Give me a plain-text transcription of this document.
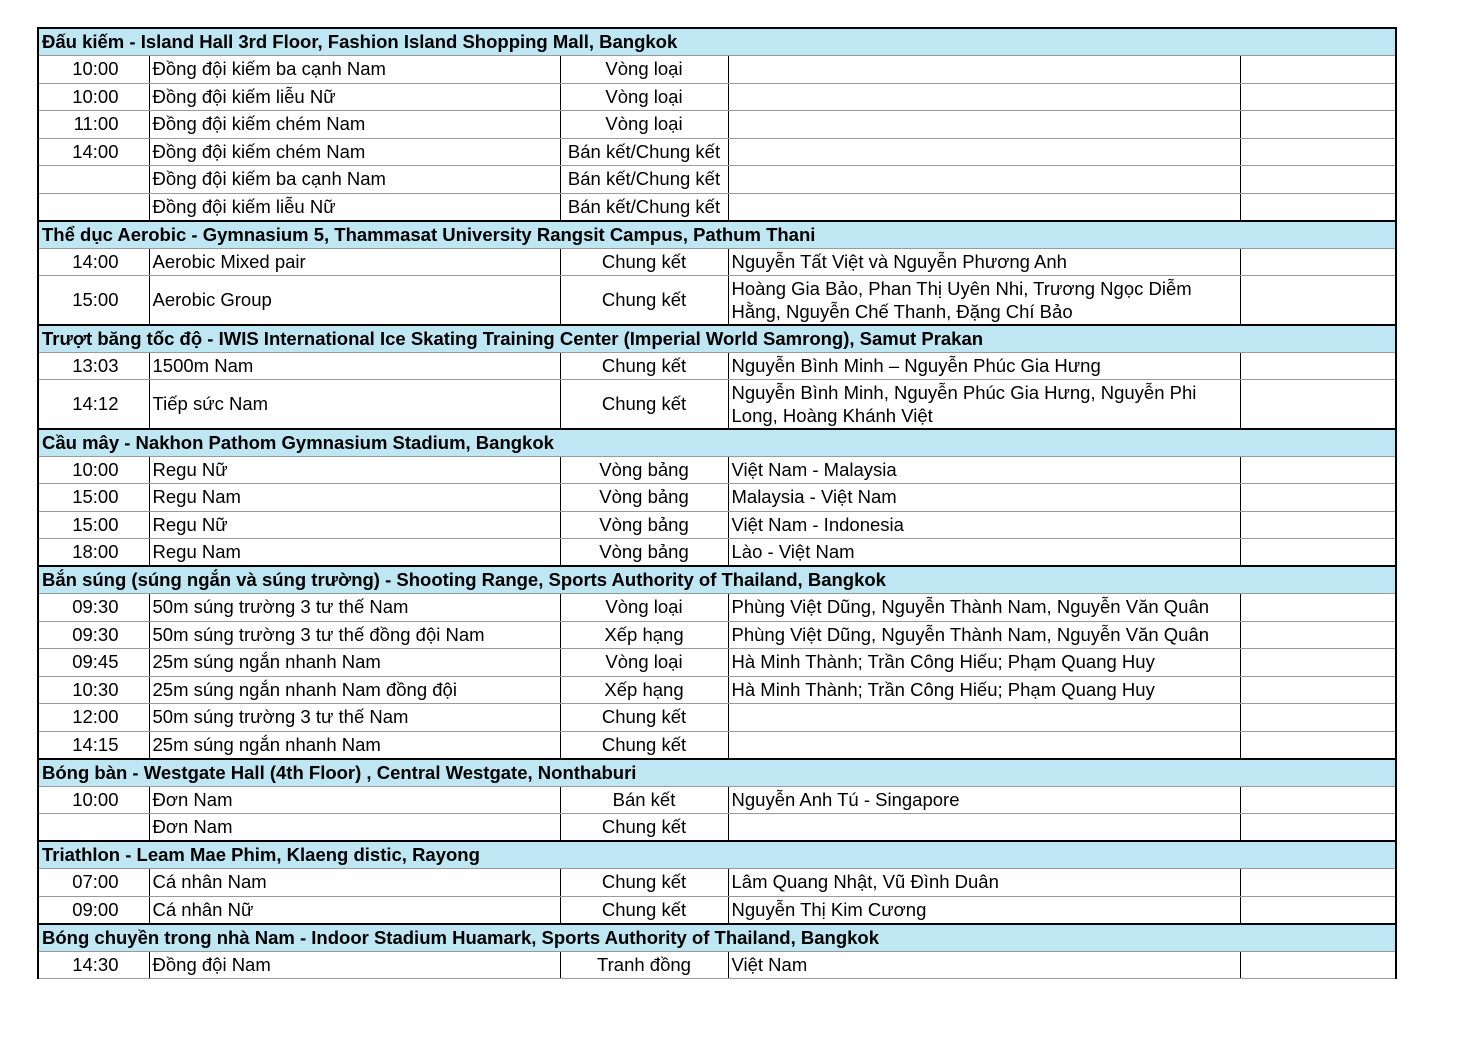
Đấu kiếm - Island Hall 3rd Floor, Fashion Island Shopping Mall, Bangkok				
10:00	Đồng đội kiếm ba cạnh Nam	Vòng loại		
10:00	Đồng đội kiếm liễu Nữ	Vòng loại		
11:00	Đồng đội kiếm chém Nam	Vòng loại		
14:00	Đồng đội kiếm chém Nam	Bán kết/Chung kết		
	Đồng đội kiếm ba cạnh Nam	Bán kết/Chung kết		
	Đồng đội kiếm liễu Nữ	Bán kết/Chung kết		
Thể dục Aerobic - Gymnasium 5, Thammasat University Rangsit Campus, Pathum Thani				
14:00	Aerobic Mixed pair	Chung kết	Nguyễn Tất Việt và Nguyễn Phương Anh	
15:00	Aerobic Group	Chung kết	Hoàng Gia Bảo, Phan Thị Uyên Nhi, Trương Ngọc Diễm Hằng, Nguyễn Chế Thanh, Đặng Chí Bảo	
Trượt băng tốc độ - IWIS International Ice Skating Training Center (Imperial World Samrong), Samut Prakan				
13:03	1500m Nam	Chung kết	Nguyễn Bình Minh – Nguyễn Phúc Gia Hưng	
14:12	Tiếp sức Nam	Chung kết	Nguyễn Bình Minh, Nguyễn Phúc Gia Hưng, Nguyễn Phi Long, Hoàng Khánh Việt	
Cầu mây - Nakhon Pathom Gymnasium Stadium, Bangkok				
10:00	Regu Nữ	Vòng bảng	Việt Nam - Malaysia	
15:00	Regu Nam	Vòng bảng	Malaysia - Việt Nam	
15:00	Regu Nữ	Vòng bảng	Việt Nam - Indonesia	
18:00	Regu Nam	Vòng bảng	Lào - Việt Nam	
Bắn súng (súng ngắn và súng trường) - Shooting Range, Sports Authority of Thailand, Bangkok				
09:30	50m súng trường 3 tư thế Nam	Vòng loại	Phùng Việt Dũng, Nguyễn Thành Nam, Nguyễn Văn Quân	
09:30	50m súng trường 3 tư thế đồng đội Nam	Xếp hạng	Phùng Việt Dũng, Nguyễn Thành Nam, Nguyễn Văn Quân	
09:45	25m súng ngắn nhanh Nam	Vòng loại	Hà Minh Thành; Trần Công Hiếu; Phạm Quang Huy	
10:30	25m súng ngắn nhanh Nam đồng đội	Xếp hạng	Hà Minh Thành; Trần Công Hiếu; Phạm Quang Huy	
12:00	50m súng trường 3 tư thế Nam	Chung kết		
14:15	25m súng ngắn nhanh Nam	Chung kết		
Bóng bàn - Westgate Hall (4th Floor) , Central Westgate, Nonthaburi				
10:00	Đơn Nam	Bán kết	Nguyễn Anh Tú - Singapore	
	Đơn Nam	Chung kết		
Triathlon - Leam Mae Phim, Klaeng distic, Rayong				
07:00	Cá nhân Nam	Chung kết	Lâm Quang Nhật, Vũ Đình Duân	
09:00	Cá nhân Nữ	Chung kết	Nguyễn Thị Kim Cương	
Bóng chuyền trong nhà Nam - Indoor Stadium Huamark, Sports Authority of Thailand, Bangkok				
14:30	Đồng đội Nam	Tranh đồng	Việt Nam	
